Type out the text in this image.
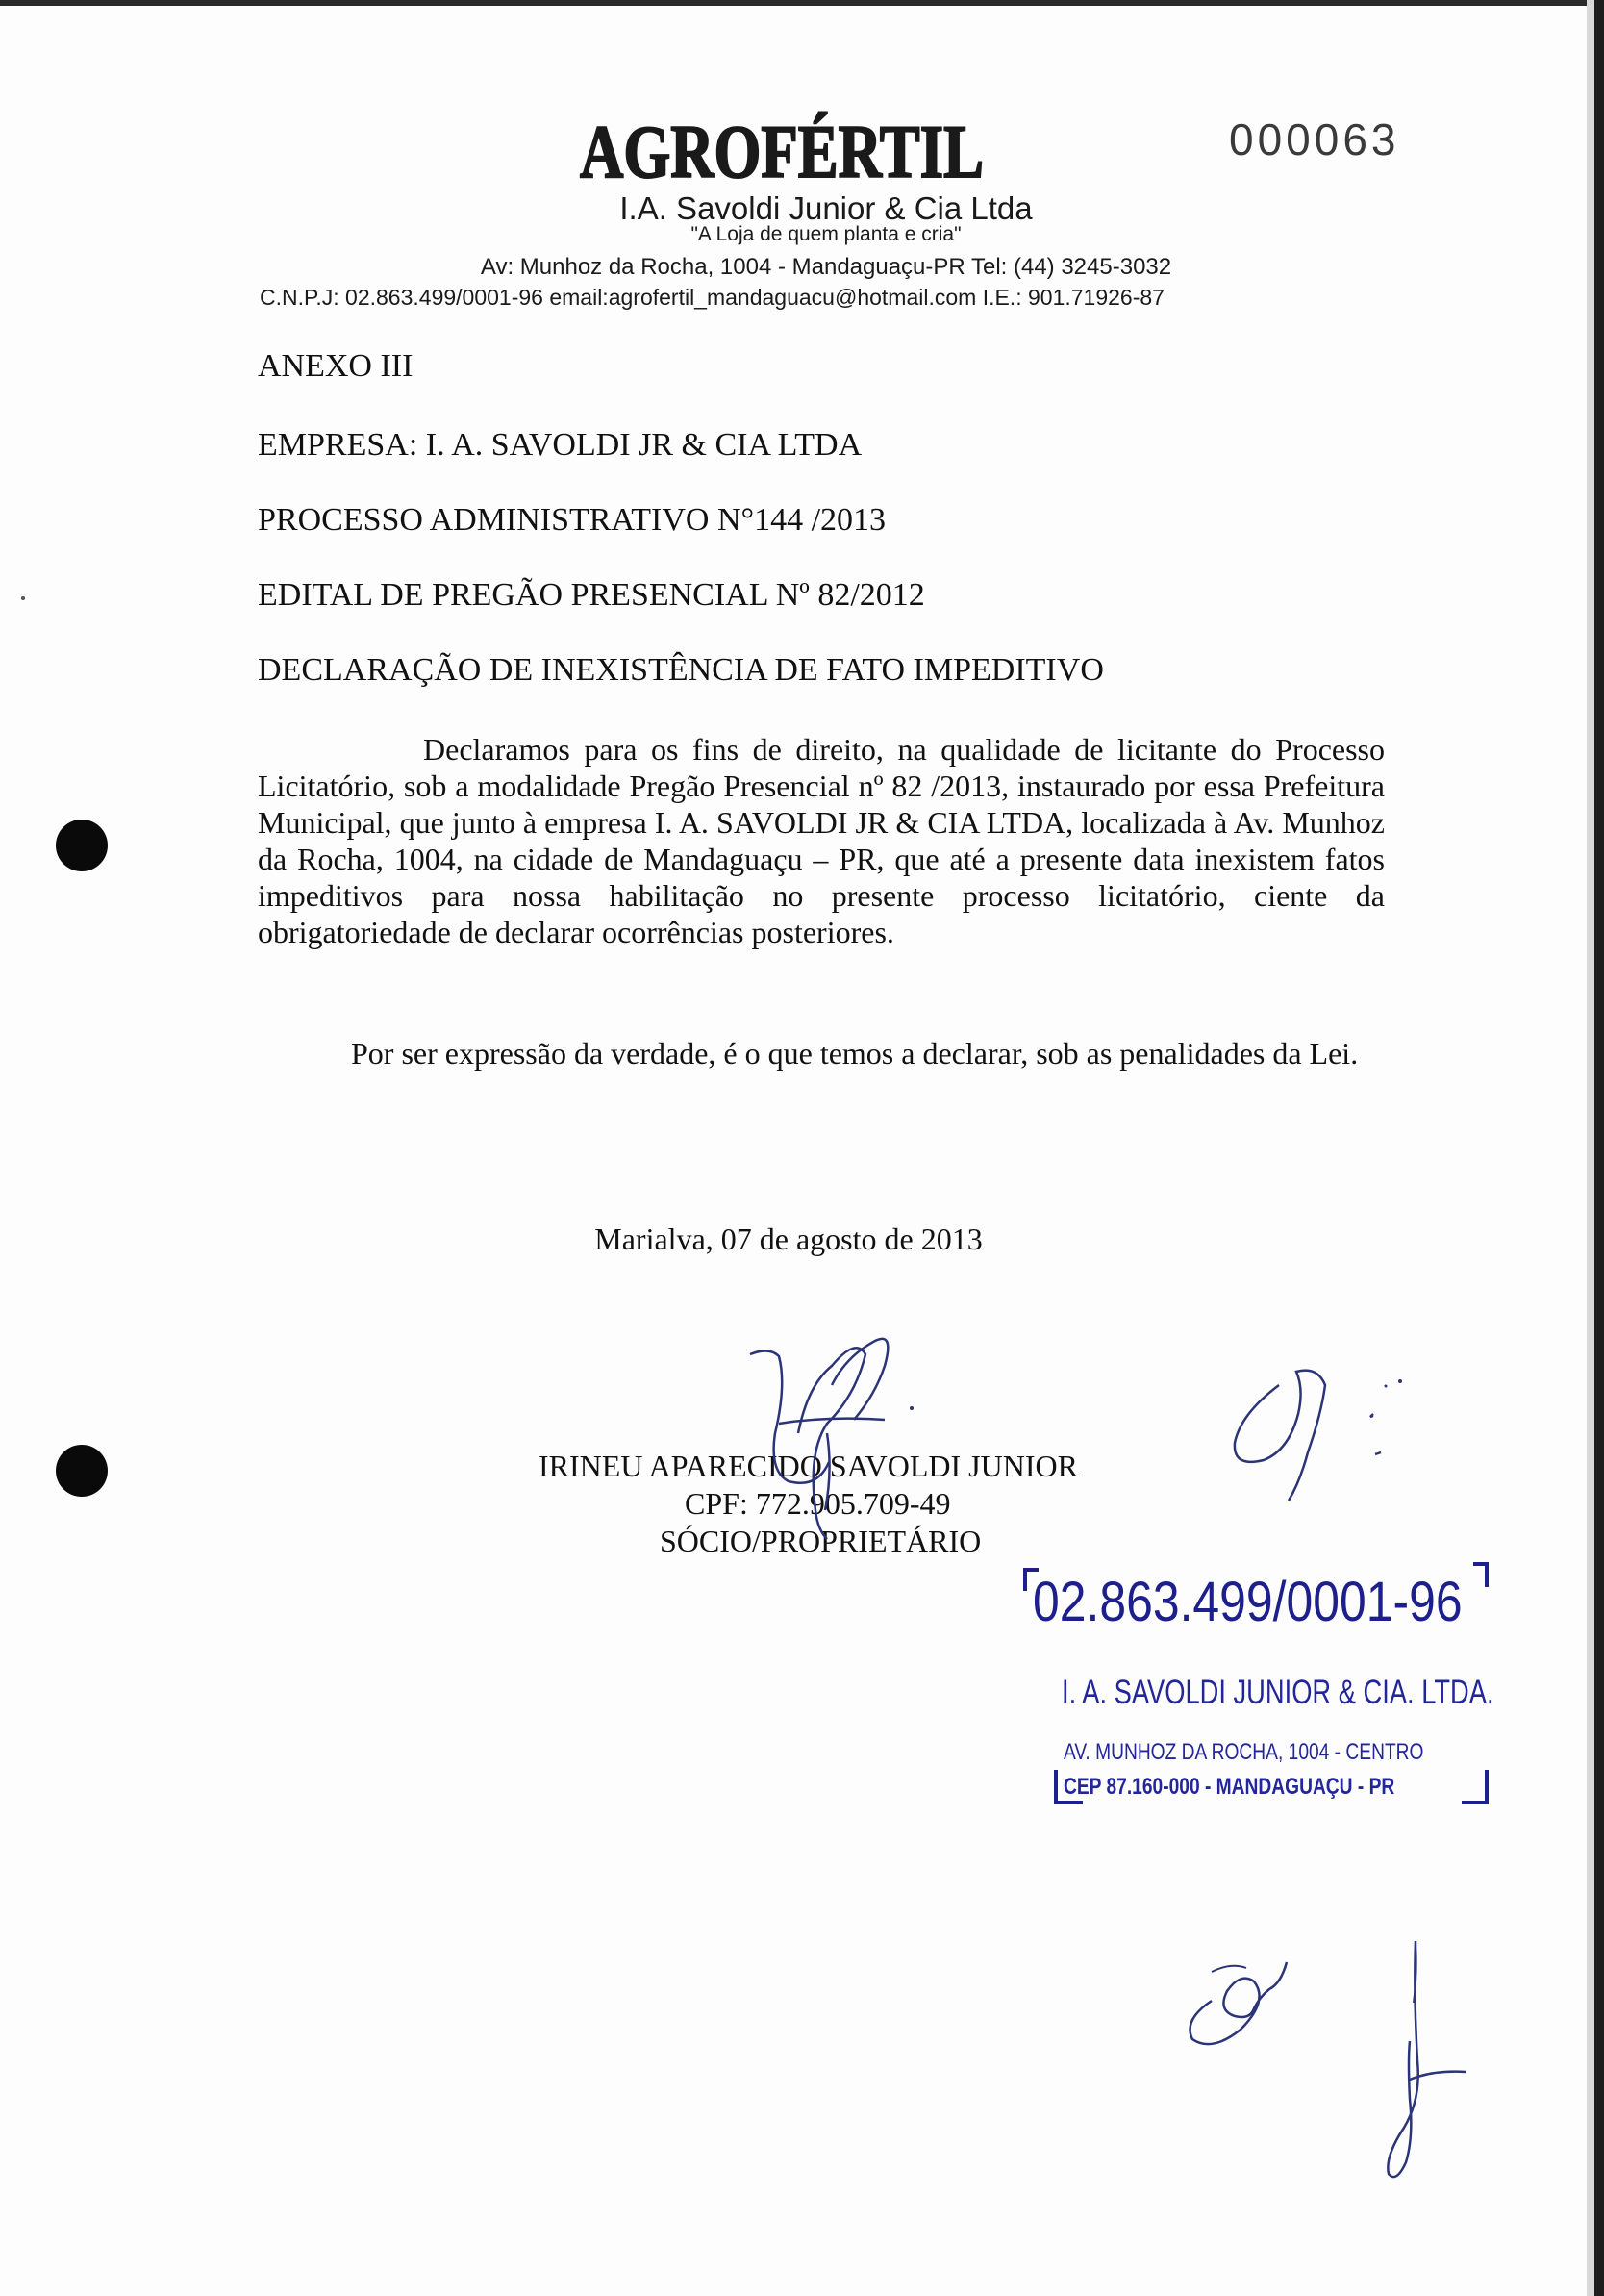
AGROFÉRTIL	000063
I.A. Savoldi Junior & Cia Ltda
"A Loja de quem planta e cria"
Av: Munhoz da Rocha, 1004 - Mandaguaçu-PR Tel: (44) 3245-3032
C.N.P.J: 02.863.499/0001-96 email:agrofertil_mandaguacu@hotmail.com I.E.: 901.71926-87
ANEXO III
EMPRESA: I. A. SAVOLDI JR & CIA LTDA
PROCESSO ADMINISTRATIVO N°144 /2013
EDITAL DE PREGÃO PRESENCIAL Nº 82/2012
DECLARAÇÃO DE INEXISTÊNCIA DE FATO IMPEDITIVO
Declaramos para os fins de direito, na qualidade de licitante do Processo Licitatório, sob a modalidade Pregão Presencial nº 82 /2013, instaurado por essa Prefeitura Municipal, que junto à empresa I. A. SAVOLDI JR & CIA LTDA, localizada à Av. Munhoz da Rocha, 1004, na cidade de Mandaguaçu – PR, que até a presente data inexistem fatos impeditivos para nossa habilitação no presente processo licitatório, ciente da obrigatoriedade de declarar ocorrências posteriores.
Por ser expressão da verdade, é o que temos a declarar, sob as penalidades da Lei.
Marialva, 07 de agosto de 2013
IRINEU APARECIDO SAVOLDI JUNIOR
CPF: 772.905.709-49
SÓCIO/PROPRIETÁRIO
02.863.499/0001-96
I. A. SAVOLDI JUNIOR & CIA. LTDA.
AV. MUNHOZ DA ROCHA, 1004 - CENTRO
CEP 87.160-000 - MANDAGUAÇU - PR
